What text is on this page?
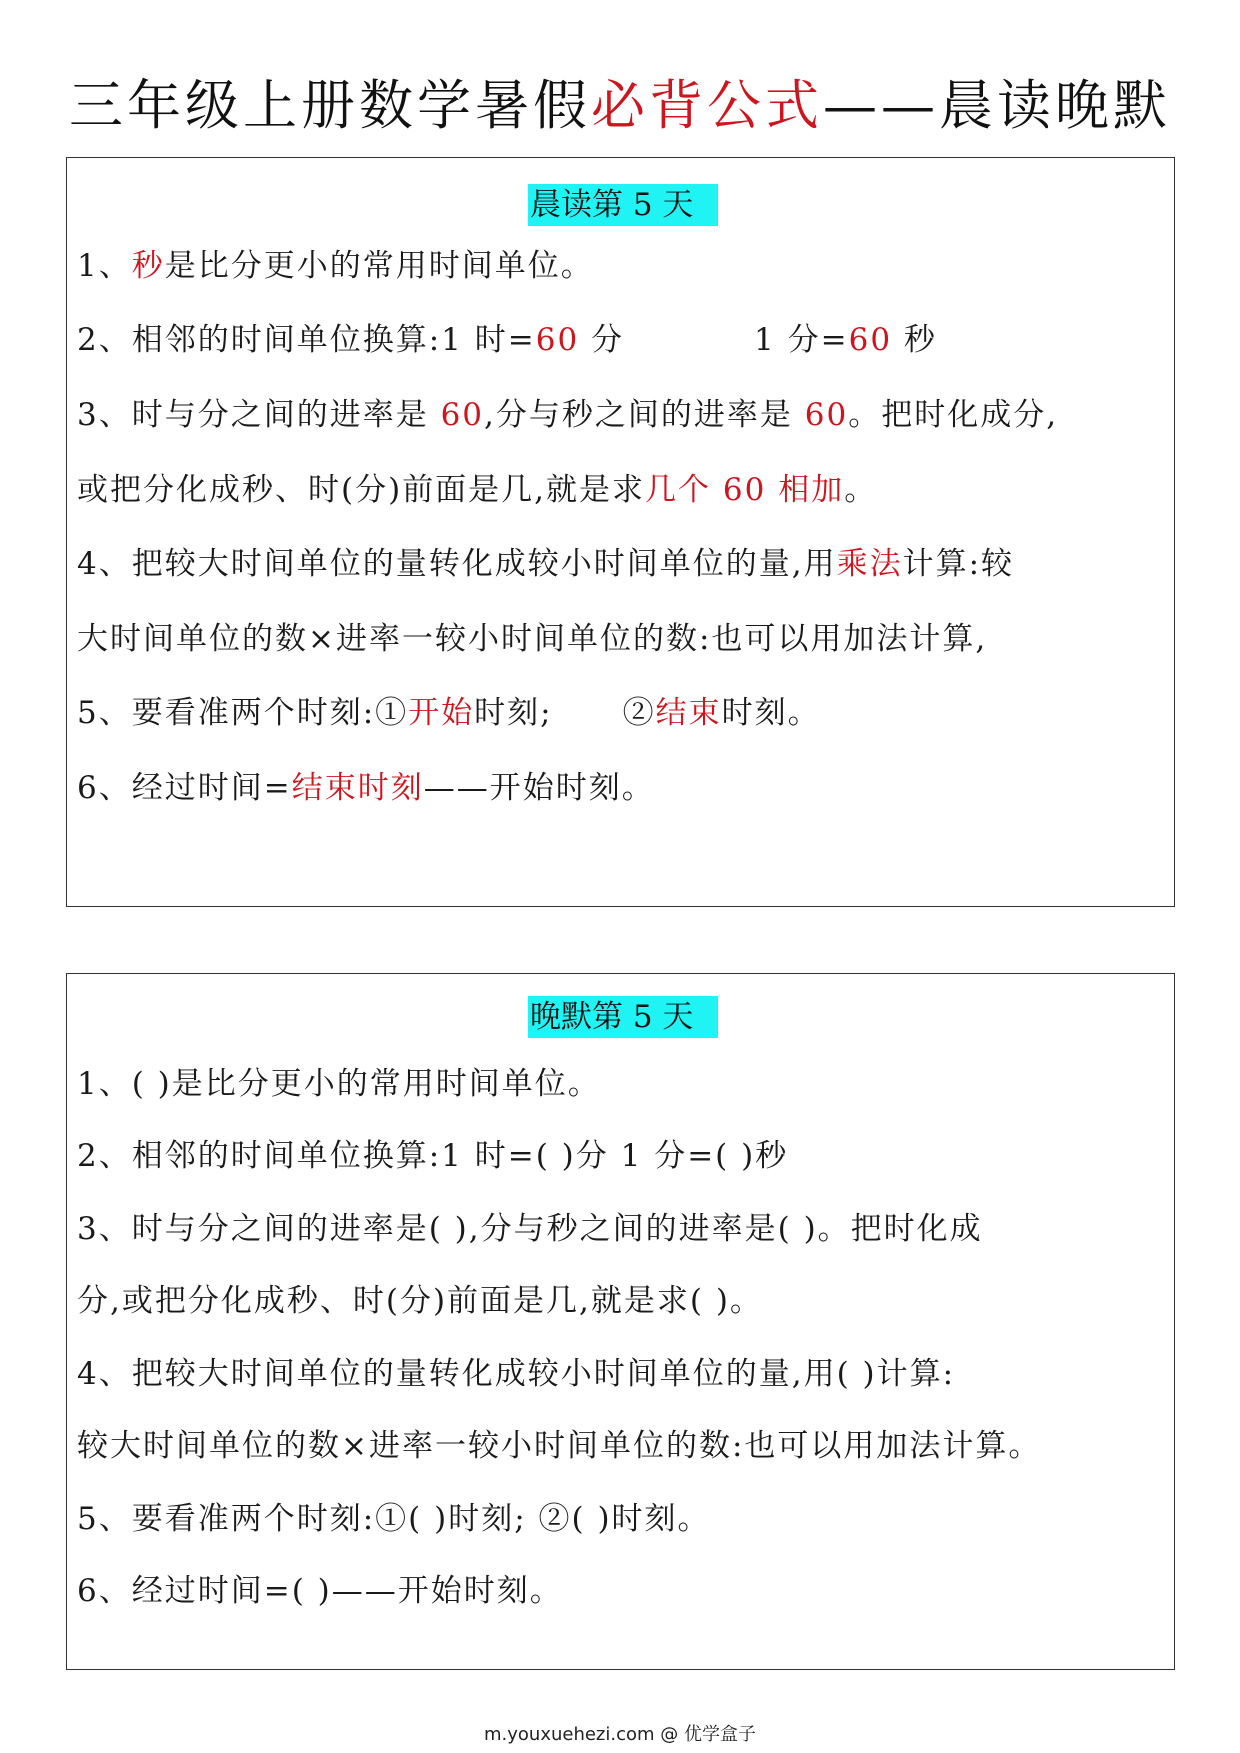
三年级上册数学暑假必背公式——晨读晚默
晨读第 5 天
1、秒是比分更小的常用时间单位。
2、相邻的时间单位换算:1 时=60 分	1 分=60 秒
3、时与分之间的进率是 60,分与秒之间的进率是 60。把时化成分,
或把分化成秒、时(分)前面是几,就是求几个 60 相加。
4、把较大时间单位的量转化成较小时间单位的量,用乘法计算:较
大时间单位的数×进率一较小时间单位的数:也可以用加法计算,
5、要看准两个时刻:①开始时刻; ②结束时刻。
6、经过时间=结束时刻——开始时刻。
晚默第 5 天
1、( )是比分更小的常用时间单位。
2、相邻的时间单位换算:1 时=( )分 1 分=( )秒
3、时与分之间的进率是( ),分与秒之间的进率是( )。把时化成
分,或把分化成秒、时(分)前面是几,就是求( )。
4、把较大时间单位的量转化成较小时间单位的量,用( )计算:
较大时间单位的数×进率一较小时间单位的数:也可以用加法计算。
5、要看准两个时刻:①( )时刻; ②( )时刻。
6、经过时间=( )——开始时刻。
m.youxuehezi.com @ 优学盒子
